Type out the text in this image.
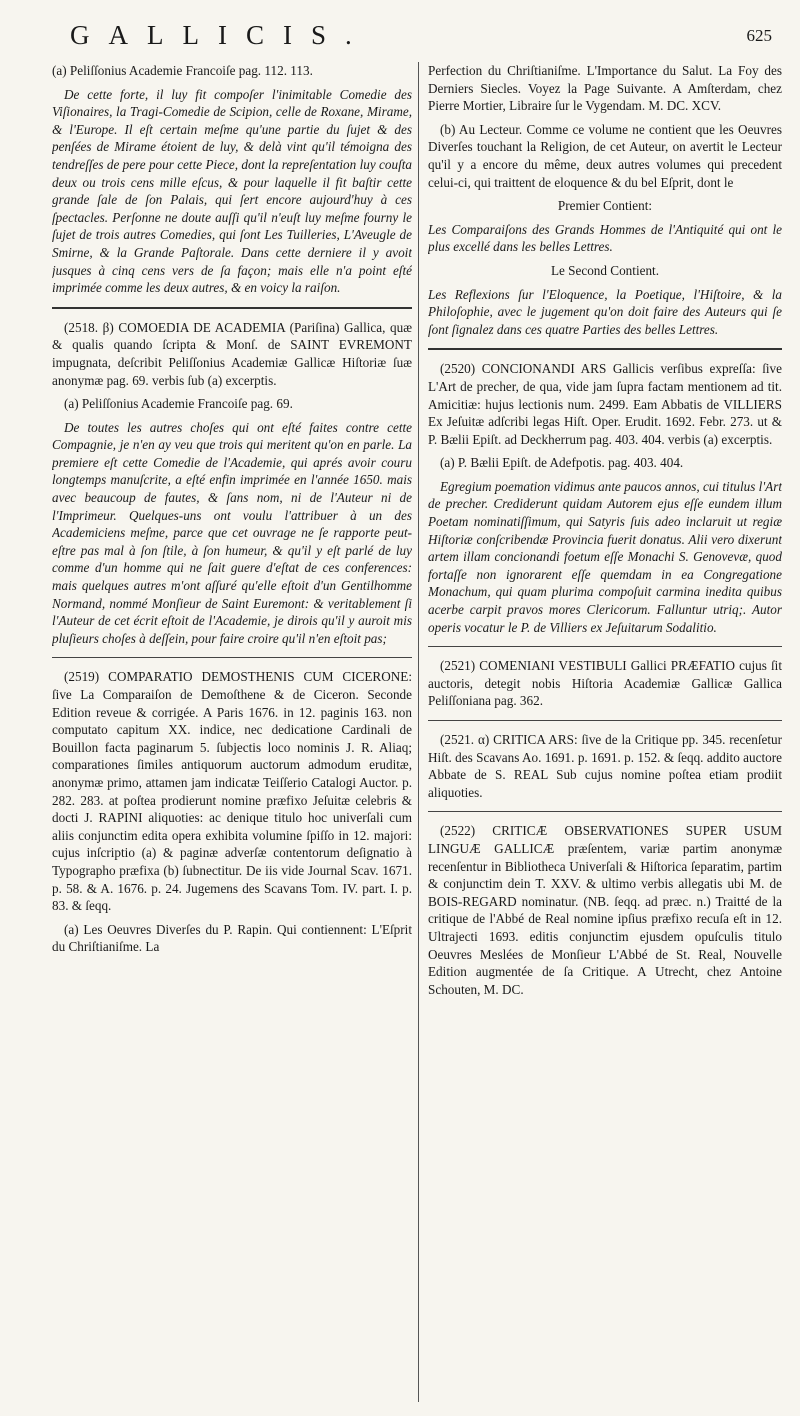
GALLICIS.	625

(a) Peliſſonius Academie Francoiſe pag. 112. 113.

De cette forte, il luy fit compoſer l'inimitable Comedie des Viſionaires, la Tragi-Comedie de Scipion, celle de Roxane, Mirame, & l'Europe. Il eſt certain meſme qu'une partie du ſujet & des penſées de Mirame étoient de luy, & delà vint qu'il témoigna des tendreſſes de pere pour cette Piece, dont la repreſentation luy couſta deux ou trois cens mille eſcus, & pour laquelle il fit baſtir cette grande ſale de ſon Palais, qui ſert encore aujourd'huy à ces ſpectacles. Perſonne ne doute auſſi qu'il n'euſt luy meſme fourny le ſujet de trois autres Comedies, qui ſont Les Tuilleries, L'Aveugle de Smirne, & la Grande Paſtorale. Dans cette derniere il y avoit jusques à cinq cens vers de ſa façon; mais elle n'a point eſté imprimée comme les deux autres, & en voicy la raiſon.

(2518. β) COMOEDIA DE ACADEMIA (Pariſina) Gallica, quæ & qualis quando ſcripta & Monſ. de SAINT EVREMONT impugnata, deſcribit Peliſſonius Academiæ Gallicæ Hiſtoriæ ſuæ anonymæ pag. 69. verbis ſub (a) excerptis.

(a) Peliſſonius Academie Francoiſe pag. 69.

De toutes les autres choſes qui ont eſté faites contre cette Compagnie, je n'en ay veu que trois qui meritent qu'on en parle. La premiere eſt cette Comedie de l'Academie, qui aprés avoir couru longtemps manuſcrite, a eſté enfin imprimée en l'année 1650. mais avec beaucoup de fautes, & ſans nom, ni de l'Auteur ni de l'Imprimeur. Quelques-uns ont voulu l'attribuer à un des Academiciens meſme, parce que cet ouvrage ne ſe rapporte peut-eſtre pas mal à ſon ſtile, à ſon humeur, & qu'il y eſt parlé de luy comme d'un homme qui ne ſait guere d'eſtat de ces conferences: mais quelques autres m'ont aſſuré qu'elle eſtoit d'un Gentilhomme Normand, nommé Monſieur de Saint Euremont: & veritablement ſi l'Auteur de cet écrit eſtoit de l'Academie, je dirois qu'il y auroit mis pluſieurs choſes à deſſein, pour faire croire qu'il n'en eſtoit pas;

(2519) COMPARATIO DEMOSTHENIS CUM CICERONE: ſive La Comparaiſon de Demoſthene & de Ciceron. Seconde Edition reveue & corrigée. A Paris 1676. in 12. paginis 163. non computato capitum XX. indice, nec dedicatione Cardinali de Bouillon facta paginarum 5. ſubjectis loco nominis J. R. Aliaq; comparationes ſimiles antiquorum auctorum admodum eruditæ, anonymæ primo, attamen jam indicatæ Teiſſerio Catalogi Auctor. p. 282. 283. at poſtea prodierunt nomine præfixo Jeſuitæ celebris & docti J. RAPINI aliquoties: ac denique titulo hoc univerſali cum aliis conjunctim edita opera exhibita volumine ſpiſſo in 12. majori: cujus inſcriptio (a) & paginæ adverſæ contentorum deſignatio à Typographo præfixa (b) ſubnectitur. De iis vide Journal Scav. 1671. p. 58. & A. 1676. p. 24. Jugemens des Scavans Tom. IV. part. I. p. 83. & ſeqq.

(a) Les Oeuvres Diverſes du P. Rapin. Qui contiennent: L'Eſprit du Chriſtianiſme. La

Perfection du Chriſtianiſme. L'Importance du Salut. La Foy des Derniers Siecles. Voyez la Page Suivante. A Amſterdam, chez Pierre Mortier, Libraire ſur le Vygendam. M. DC. XCV.

(b) Au Lecteur. Comme ce volume ne contient que les Oeuvres Diverſes touchant la Religion, de cet Auteur, on avertit le Lecteur qu'il y a encore du même, deux autres volumes qui precedent celui-ci, qui traittent de eloquence & du bel Eſprit, dont le

Premier Contient:

Les Comparaiſons des Grands Hommes de l'Antiquité qui ont le plus excellé dans les belles Lettres.

Le Second Contient.

Les Reflexions ſur l'Eloquence, la Poetique, l'Hiſtoire, & la Philoſophie, avec le jugement qu'on doit faire des Auteurs qui ſe ſont ſignalez dans ces quatre Parties des belles Lettres.

(2520) CONCIONANDI ARS Gallicis verſibus expreſſa: ſive L'Art de precher, de qua, vide jam ſupra factam mentionem ad tit. Amicitiæ: hujus lectionis num. 2499. Eam Abbatis de VILLIERS Ex Jeſuitæ adſcribi legas Hiſt. Oper. Erudit. 1692. Febr. 273. ut & P. Bælii Epiſt. ad Deckherrum pag. 403. 404. verbis (a) excerptis.

(a) P. Bælii Epiſt. de Adefpotis. pag. 403. 404.

Egregium poemation vidimus ante paucos annos, cui titulus l'Art de precher. Crediderunt quidam Autorem ejus eſſe eundem illum Poetam nominatiſſimum, qui Satyris ſuis adeo inclaruit ut regiæ Hiſtoriæ conſcribendæ Provincia fuerit donatus. Alii vero dixerunt artem illam concionandi foetum eſſe Monachi S. Genovevæ, quod fortaſſe non ignorarent eſſe quemdam in ea Congregatione Monachum, qui quam plurima compoſuit carmina inedita quibus acerbe carpit pravos mores Clericorum. Falluntur utriq;. Autor operis vocatur le P. de Villiers ex Jeſuitarum Sodalitio.

(2521) COMENIANI VESTIBULI Gallici PRÆFATIO cujus ſit auctoris, detegit nobis Hiſtoria Academiæ Gallicæ Gallica Peliſſoniana pag. 362.

(2521. α) CRITICA ARS: ſive de la Critique pp. 345. recenſetur Hiſt. des Scavans Ao. 1691. p. 1691. p. 152. & ſeqq. addito auctore Abbate de S. REAL Sub cujus nomine poſtea etiam prodiit aliquoties.

(2522) CRITICÆ OBSERVATIONES SUPER USUM LINGUÆ GALLICÆ præſentem, variæ partim anonymæ recenſentur in Bibliotheca Univerſali & Hiſtorica ſeparatim, partim & conjunctim dein T. XXV. & ultimo verbis allegatis ubi M. de BOIS-REGARD nominatur. (NB. ſeqq. ad præc. n.) Traitté de la critique de l'Abbé de Real nomine ipſius præfixo recuſa eſt in 12. Ultrajecti 1693. editis conjunctim ejusdem opuſculis titulo Oeuvres Meslées de Monſieur L'Abbé de St. Real, Nouvelle Edition augmentée de ſa Critique. A Utrecht, chez Antoine Schouten, M. DC.
